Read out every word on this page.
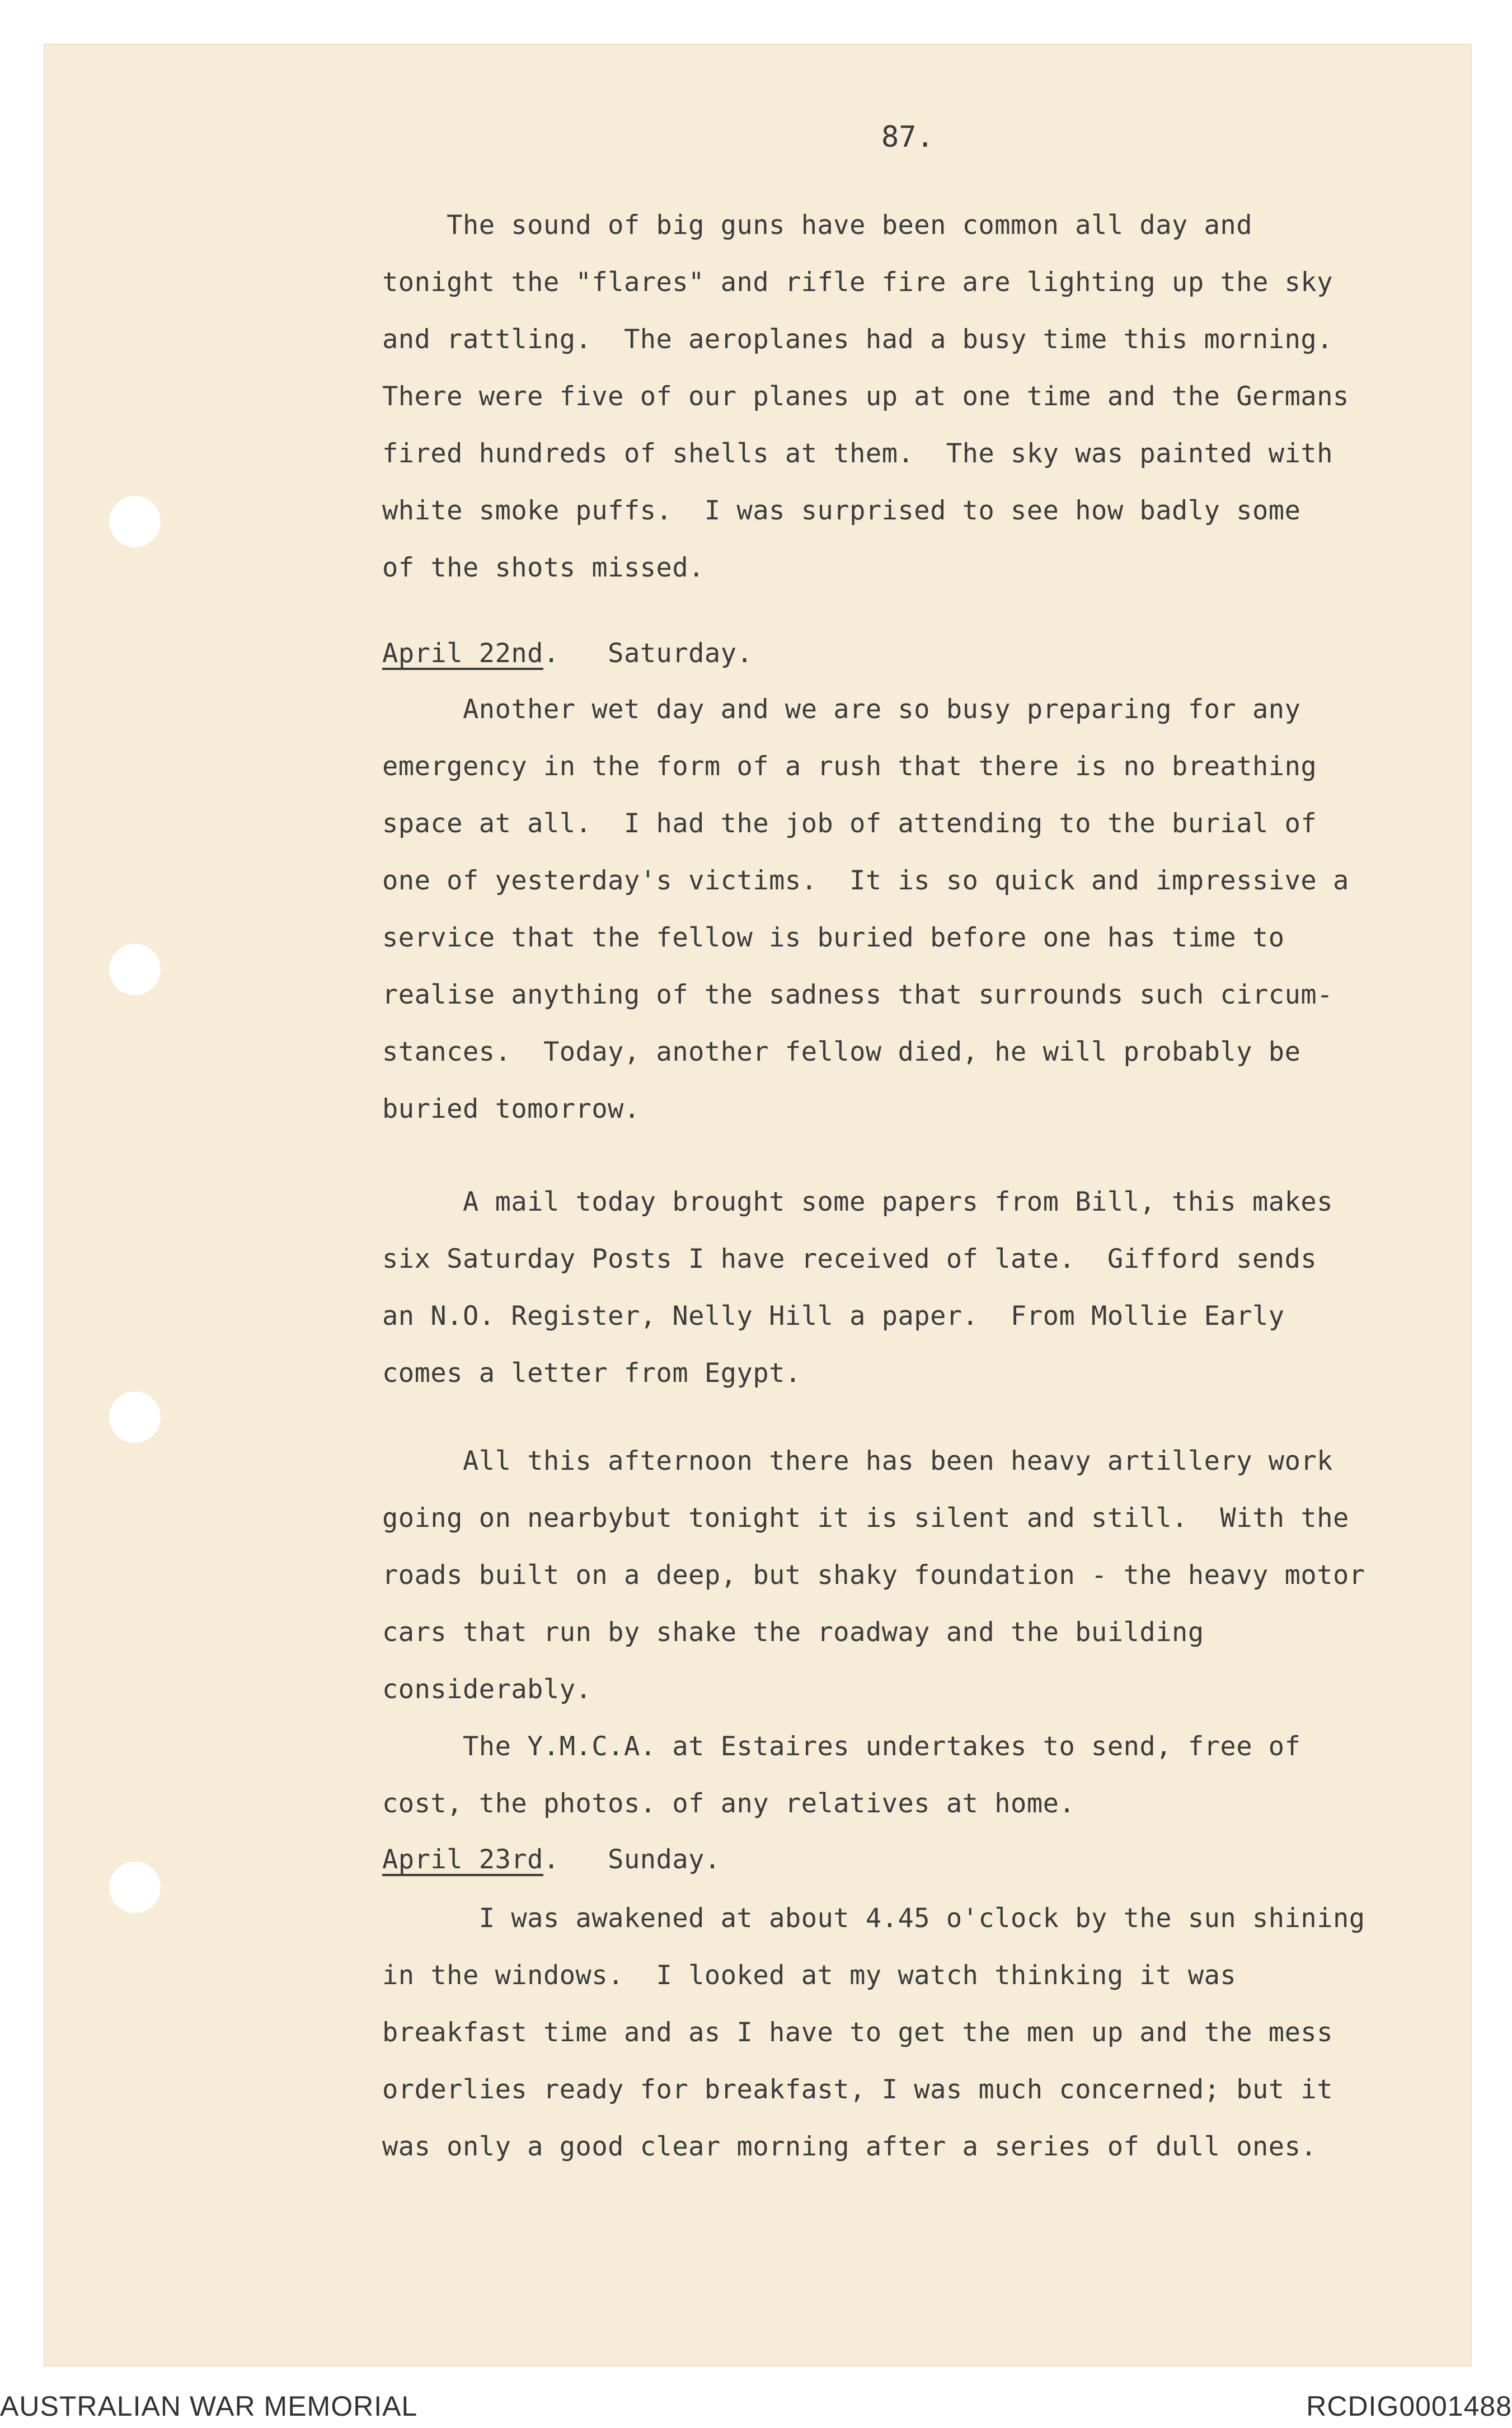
87.
The sound of big guns have been common all day and
tonight the "flares" and rifle fire are lighting up the sky
and rattling.  The aeroplanes had a busy time this morning.
There were five of our planes up at one time and the Germans
fired hundreds of shells at them.  The sky was painted with
white smoke puffs.  I was surprised to see how badly some
of the shots missed.
April 22nd.   Saturday.
Another wet day and we are so busy preparing for any
emergency in the form of a rush that there is no breathing
space at all.  I had the job of attending to the burial of
one of yesterday's victims.  It is so quick and impressive a
service that the fellow is buried before one has time to
realise anything of the sadness that surrounds such circum-
stances.  Today, another fellow died, he will probably be
buried tomorrow.
A mail today brought some papers from Bill, this makes
six Saturday Posts I have received of late.  Gifford sends
an N.O. Register, Nelly Hill a paper.  From Mollie Early
comes a letter from Egypt.
All this afternoon there has been heavy artillery work
going on nearbybut tonight it is silent and still.  With the
roads built on a deep, but shaky foundation - the heavy motor
cars that run by shake the roadway and the building
considerably.
The Y.M.C.A. at Estaires undertakes to send, free of
cost, the photos. of any relatives at home.
April 23rd.   Sunday.
I was awakened at about 4.45 o'clock by the sun shining
in the windows.  I looked at my watch thinking it was
breakfast time and as I have to get the men up and the mess
orderlies ready for breakfast, I was much concerned; but it
was only a good clear morning after a series of dull ones.
AUSTRALIAN WAR MEMORIAL	RCDIG0001488
